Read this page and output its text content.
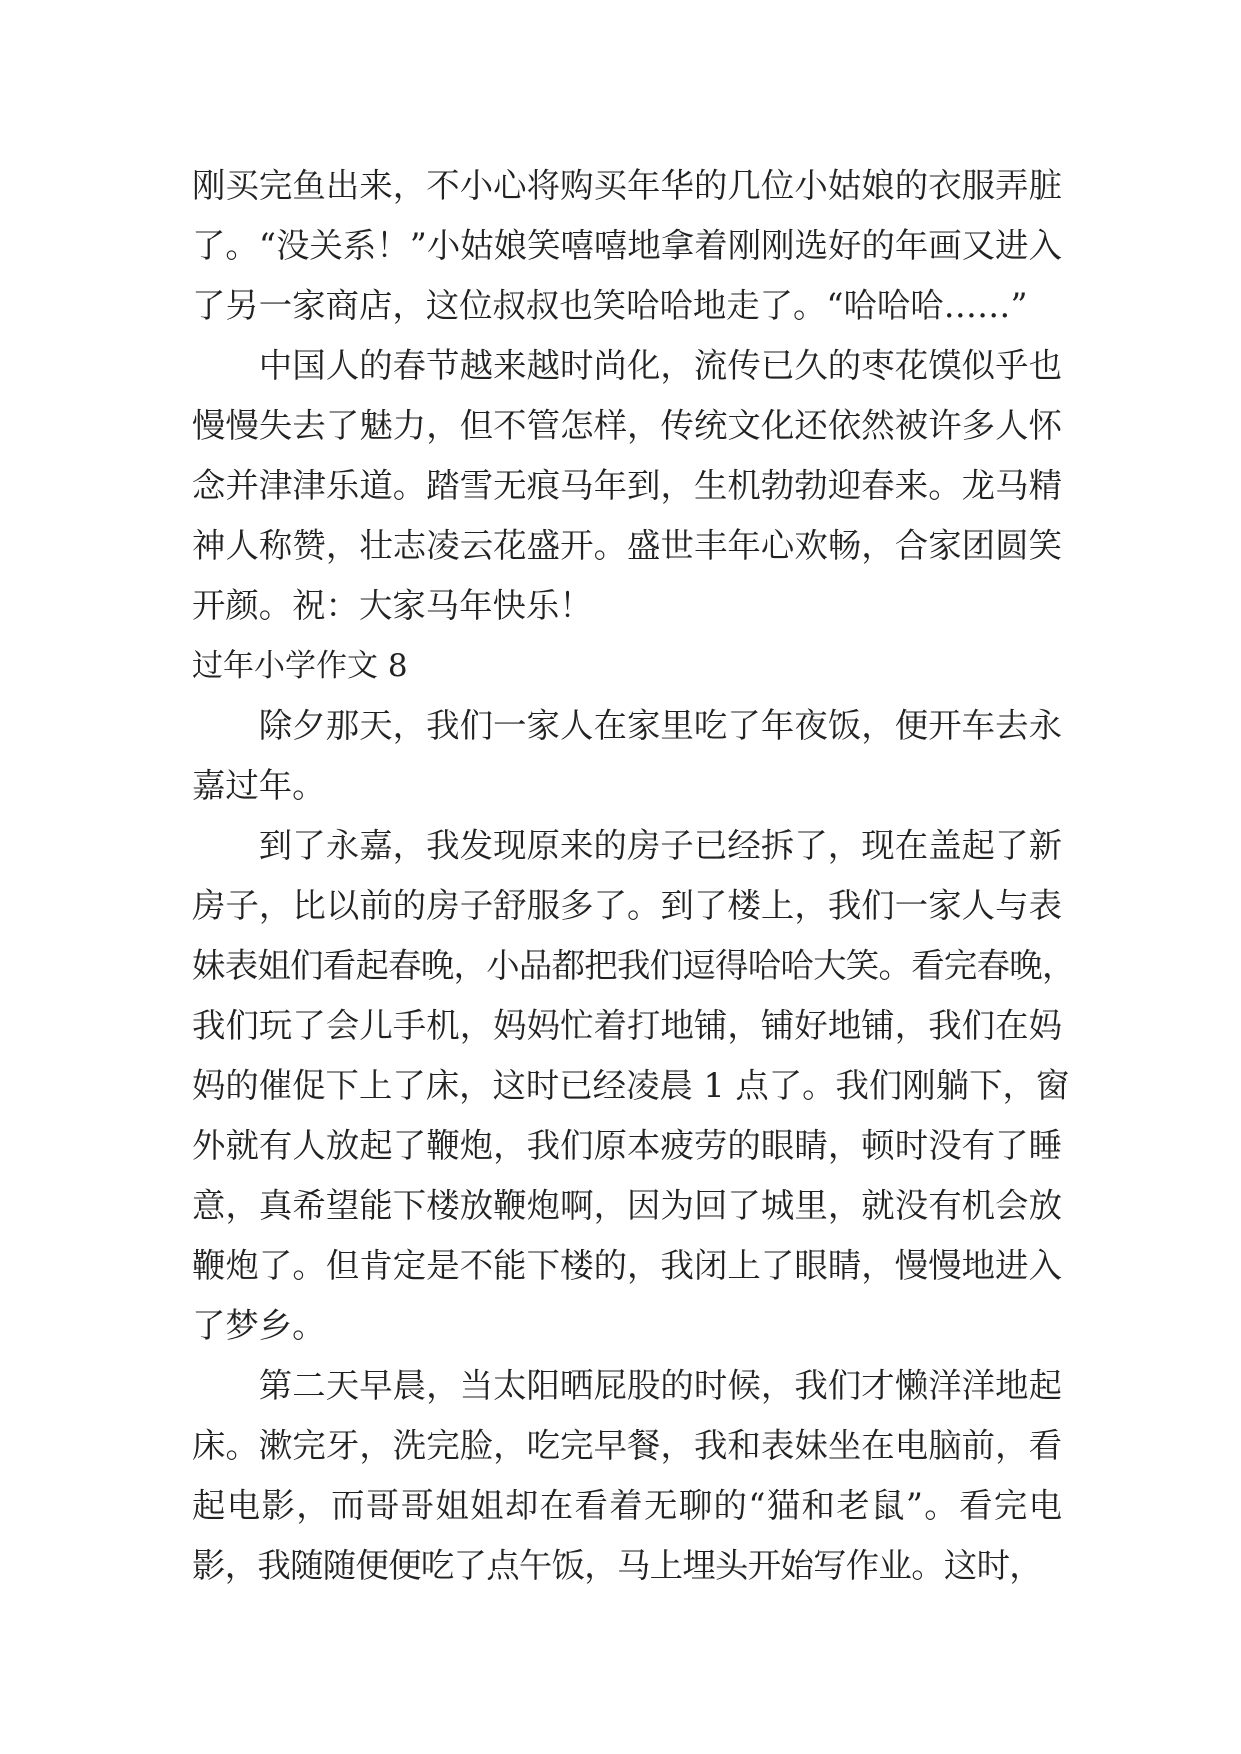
刚买完鱼出来，不小心将购买年华的几位小姑娘的衣服弄脏
了。“没关系！”小姑娘笑嘻嘻地拿着刚刚选好的年画又进入
了另一家商店，这位叔叔也笑哈哈地走了。“哈哈哈……”
中国人的春节越来越时尚化，流传已久的枣花馍似乎也
慢慢失去了魅力，但不管怎样，传统文化还依然被许多人怀
念并津津乐道。踏雪无痕马年到，生机勃勃迎春来。龙马精
神人称赞，壮志凌云花盛开。盛世丰年心欢畅，合家团圆笑
开颜。祝：大家马年快乐！
过年小学作文 8
除夕那天，我们一家人在家里吃了年夜饭，便开车去永
嘉过年。
到了永嘉，我发现原来的房子已经拆了，现在盖起了新
房子，比以前的房子舒服多了。到了楼上，我们一家人与表
妹表姐们看起春晚，小品都把我们逗得哈哈大笑。看完春晚，
我们玩了会儿手机，妈妈忙着打地铺，铺好地铺，我们在妈
妈的催促下上了床，这时已经凌晨 1 点了。我们刚躺下，窗
外就有人放起了鞭炮，我们原本疲劳的眼睛，顿时没有了睡
意，真希望能下楼放鞭炮啊，因为回了城里，就没有机会放
鞭炮了。但肯定是不能下楼的，我闭上了眼睛，慢慢地进入
了梦乡。
第二天早晨，当太阳晒屁股的时候，我们才懒洋洋地起
床。漱完牙，洗完脸，吃完早餐，我和表妹坐在电脑前，看
起电影，而哥哥姐姐却在看着无聊的“猫和老鼠”。看完电
影，我随随便便吃了点午饭，马上埋头开始写作业。这时，
